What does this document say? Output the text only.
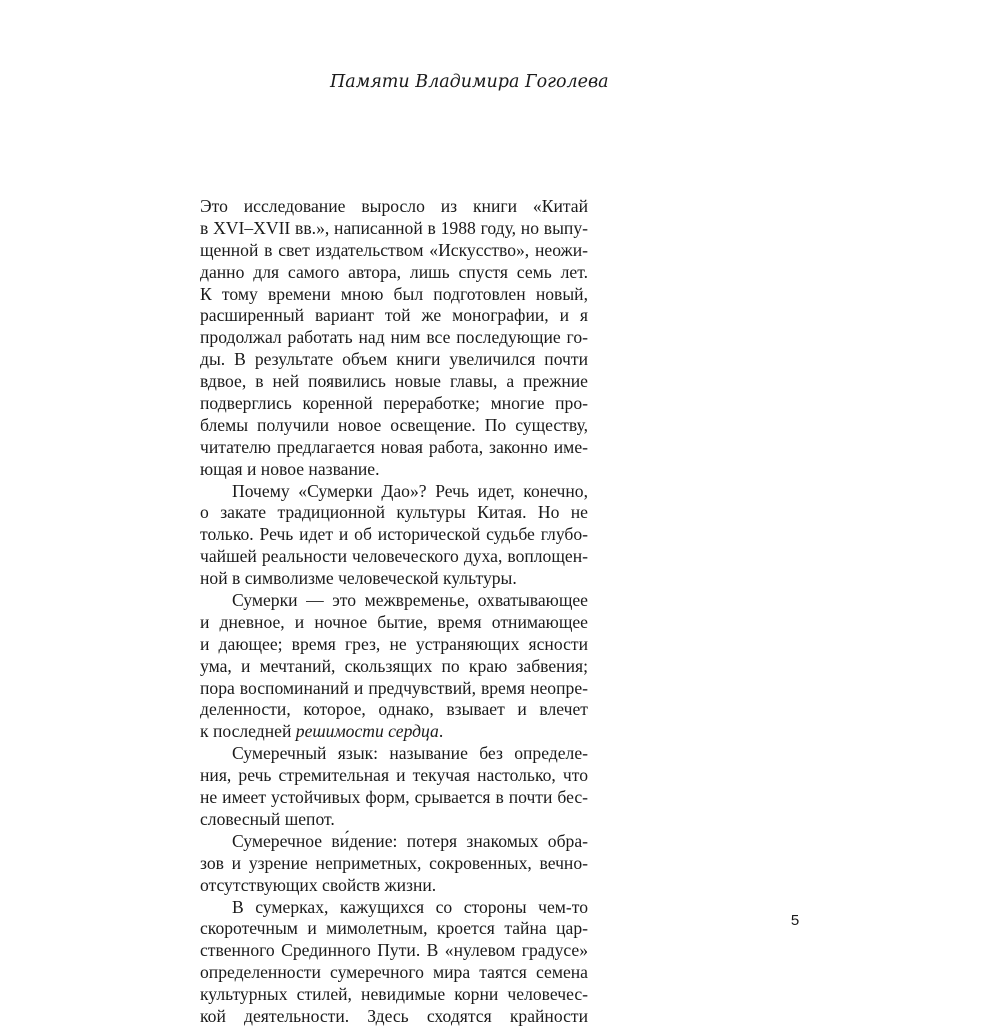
Памяти Владимира Гоголева
Это исследование выросло из книги «Китай
в XVI–XVII вв.», написанной в 1988 году, но выпу-
щенной в свет издательством «Искусство», неожи-
данно для самого автора, лишь спустя семь лет.
К тому времени мною был подготовлен новый,
расширенный вариант той же монографии, и я
продолжал работать над ним все последующие го-
ды. В результате объем книги увеличился почти
вдвое, в ней появились новые главы, а прежние
подверглись коренной переработке; многие про-
блемы получили новое освещение. По существу,
читателю предлагается новая работа, законно име-
ющая и новое название.
Почему «Сумерки Дао»? Речь идет, конечно,
о закате традиционной культуры Китая. Но не
только. Речь идет и об исторической судьбе глубо-
чайшей реальности человеческого духа, воплощен-
ной в символизме человеческой культуры.
Сумерки — это межвременье, охватывающее
и дневное, и ночное бытие, время отнимающее
и дающее; время грез, не устраняющих ясности
ума, и мечтаний, скользящих по краю забвения;
пора воспоминаний и предчувствий, время неопре-
деленности, которое, однако, взывает и влечет
к последней решимости сердца.
Сумеречный язык: называние без определе-
ния, речь стремительная и текучая настолько, что
не имеет устойчивых форм, срывается в почти бес-
словесный шепот.
Сумеречное ви́дение: потеря знакомых обра-
зов и узрение неприметных, сокровенных, вечно-
отсутствующих свойств жизни.
В сумерках, кажущихся со стороны чем-то
скоротечным и мимолетным, кроется тайна цар-
ственного Срединного Пути. В «нулевом градусе»
определенности сумеречного мира таятся семена
культурных стилей, невидимые корни человечес-
кой деятельности. Здесь сходятся крайности
5
